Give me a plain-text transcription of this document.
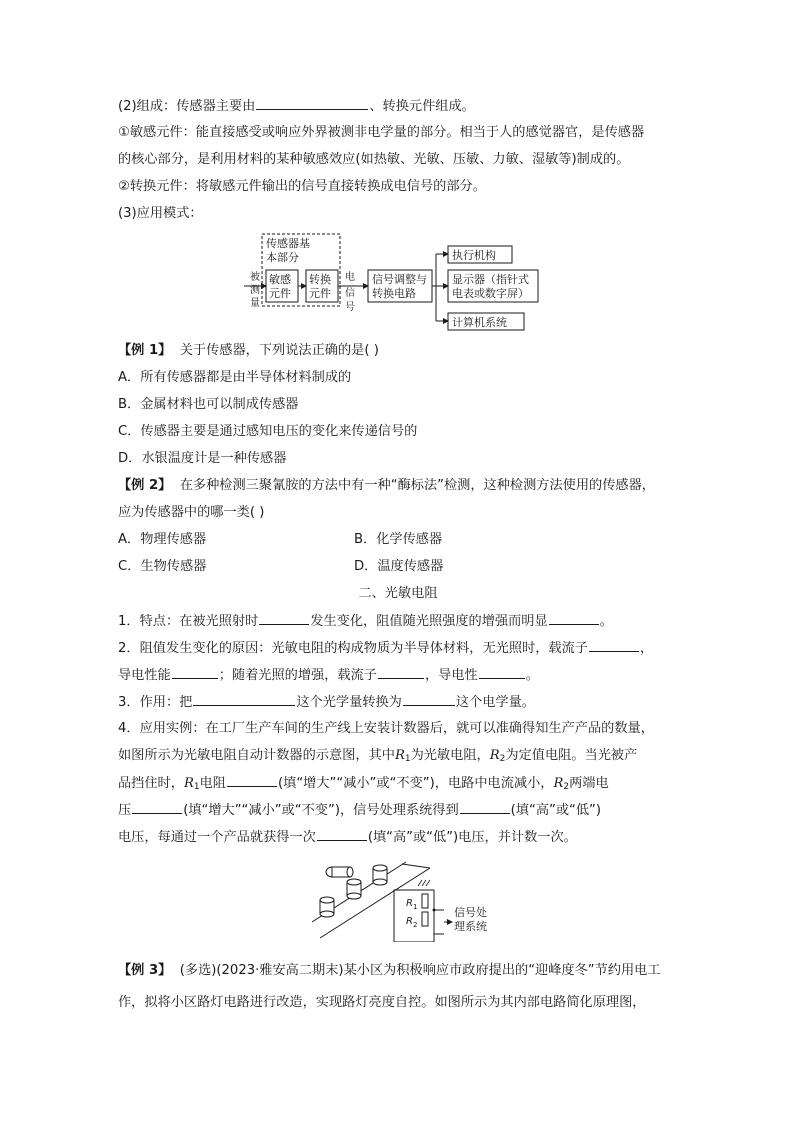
(2)组成：传感器主要由	、转换元件组成。
①敏感元件：能直接感受或响应外界被测非电学量的部分。相当于人的感觉器官，是传感器
的核心部分，是利用材料的某种敏感效应(如热敏、光敏、压敏、力敏、湿敏等)制成的。
②转换元件：将敏感元件输出的信号直接转换成电信号的部分。
(3)应用模式：
传感器基
本部分
被
测
量
敏感
元件
转换
元件
电
信
号
信号调整与
转换电路
执行机构
显示器（指针式
电表或数字屏）
计算机系统
【例 1】 关于传感器，下列说法正确的是( )
A．所有传感器都是由半导体材料制成的
B．金属材料也可以制成传感器
C．传感器主要是通过感知电压的变化来传递信号的
D．水银温度计是一种传感器
【例 2】 在多种检测三聚氰胺的方法中有一种“酶标法”检测，这种检测方法使用的传感器，
应为传感器中的哪一类( )
A．物理传感器	B．化学传感器
C．生物传感器	D．温度传感器
二、光敏电阻
1．特点：在被光照射时	发生变化，阻值随光照强度的增强而明显	。
2．阻值发生变化的原因：光敏电阻的构成物质为半导体材料，无光照时，载流子	，
导电性能	；随着光照的增强，载流子	，导电性	。
3．作用：把	这个光学量转换为	这个电学量。
4．应用实例：在工厂生产车间的生产线上安装计数器后，就可以准确得知生产产品的数量，
如图所示为光敏电阻自动计数器的示意图，其中$R_1$为光敏电阻，$R_2$为定值电阻。当光被产
品挡住时，$R_1$电阻	(填“增大”“减小”或“不变”)，电路中电流减小，$R_2$两端电
压	(填“增大”“减小”或“不变”)，信号处理系统得到	(填“高”或“低”)
电压，每通过一个产品就获得一次	(填“高”或“低”)电压，并计数一次。
R 1
R 2
信号处
理系统
【例 3】 (多选)(2023·雅安高二期末)某小区为积极响应市政府提出的“迎峰度冬”节约用电工
作，拟将小区路灯电路进行改造，实现路灯亮度自控。如图所示为其内部电路简化原理图，
